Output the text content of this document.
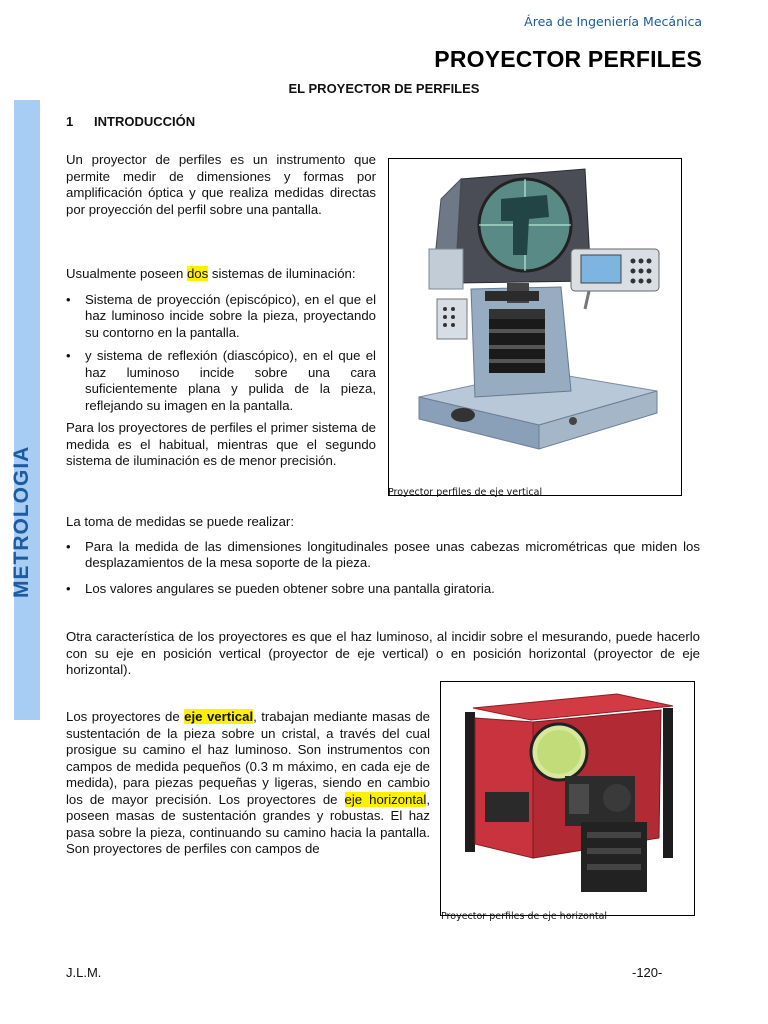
Área de Ingeniería Mecánica
PROYECTOR PERFILES
EL PROYECTOR DE PERFILES
METROLOGIA
1 INTRODUCCIÓN

Un proyector de perfiles es un instrumento que permite medir de dimensiones y formas por amplificación óptica y que realiza medidas directas por proyección del perfil sobre una pantalla.

Usualmente poseen dos sistemas de iluminación:

• Sistema de proyección (episcópico), en el que el haz luminoso incide sobre la pieza, proyectando su contorno en la pantalla.
• y sistema de reflexión (diascópico), en el que el haz luminoso incide sobre una cara suficientemente plana y pulida de la pieza, reflejando su imagen en la pantalla.

Para los proyectores de perfiles el primer sistema de medida es el habitual, mientras que el segundo sistema de iluminación es de menor precisión.

La toma de medidas se puede realizar:

• Para la medida de las dimensiones longitudinales posee unas cabezas micrométricas que miden los desplazamientos de la mesa soporte de la pieza.
• Los valores angulares se pueden obtener sobre una pantalla giratoria.

Otra característica de los proyectores es que el haz luminoso, al incidir sobre el mesurando, puede hacerlo con su eje en posición vertical (proyector de eje vertical) o en posición horizontal (proyector de eje horizontal).

Los proyectores de eje vertical, trabajan mediante masas de sustentación de la pieza sobre un cristal, a través del cual prosigue su camino el haz luminoso. Son instrumentos con campos de medida pequeños (0.3 m máximo, en cada eje de medida), para piezas pequeñas y ligeras, siendo en cambio los de mayor precisión. Los proyectores de eje horizontal, poseen masas de sustentación grandes y robustas. El haz pasa sobre la pieza, continuando su camino hacia la pantalla. Son proyectores de perfiles con campos de

Proyector perfiles de eje vertical
Proyector perfiles de eje horizontal
J.L.M.	-120-
